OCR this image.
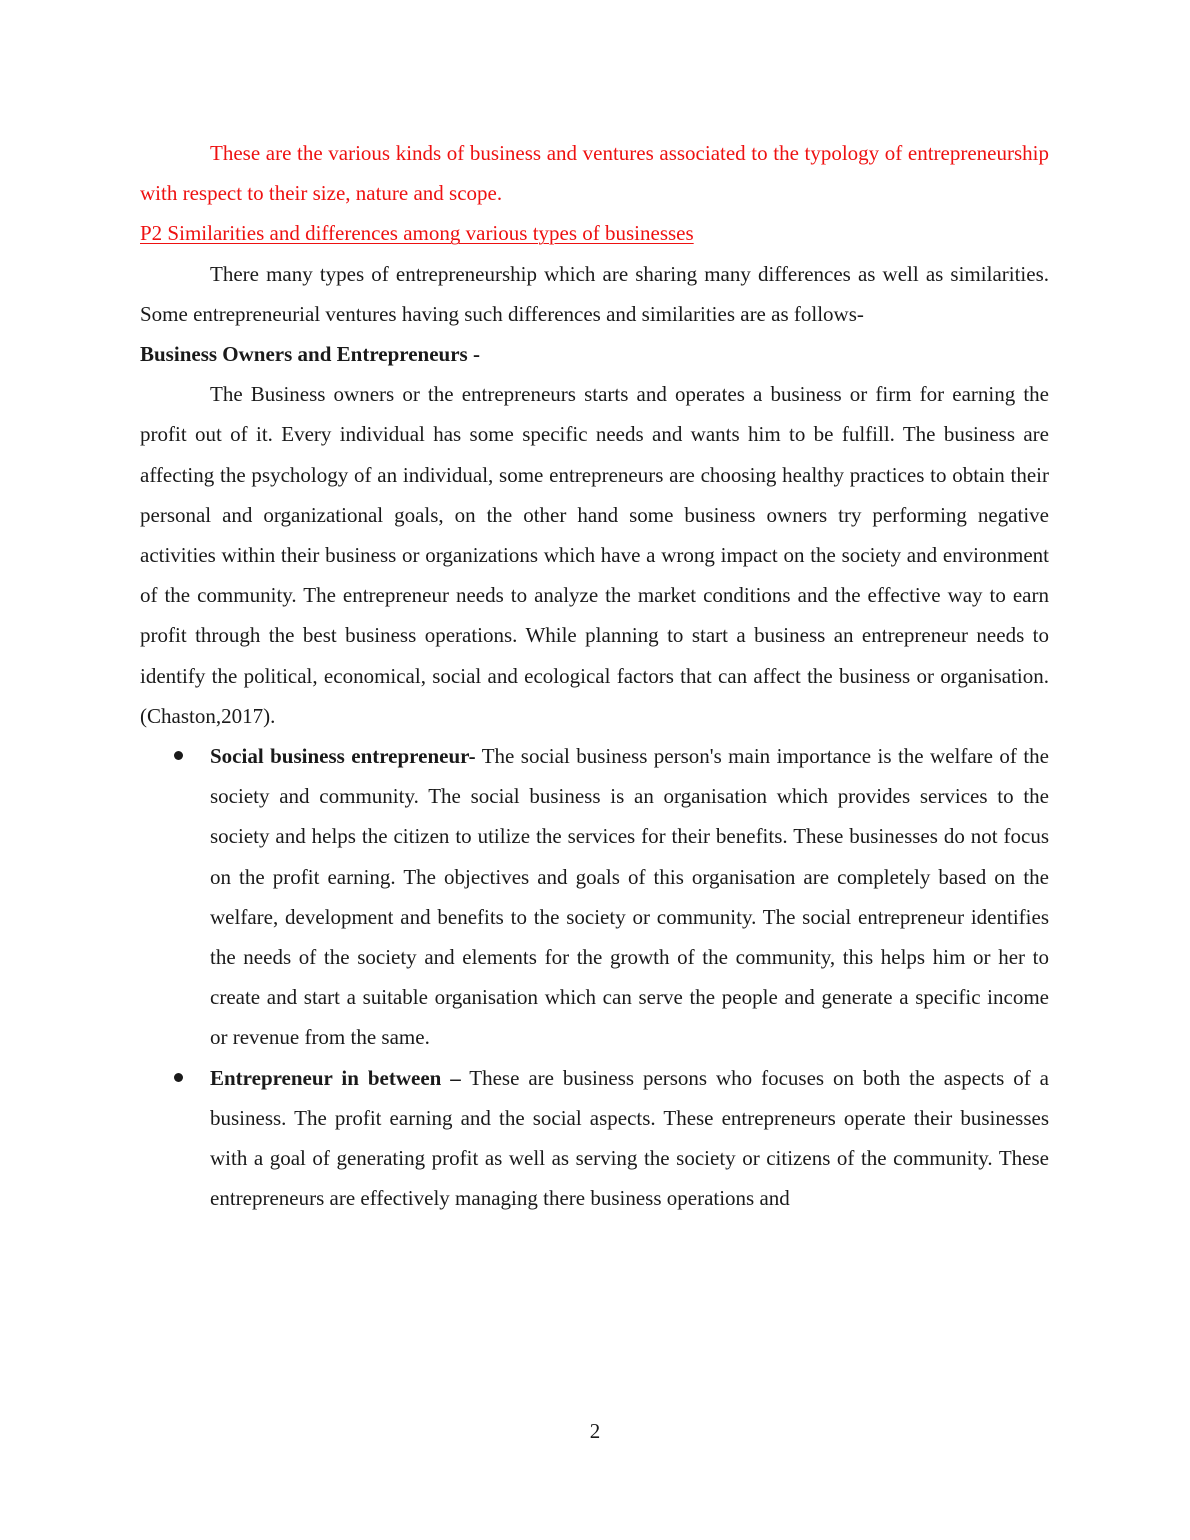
These are the various kinds of business and ventures associated to the typology of entrepreneurship with respect to their size, nature and scope.

P2 Similarities and differences among various types of businesses

There many types of entrepreneurship which are sharing many differences as well as similarities. Some entrepreneurial ventures having such differences and similarities are as follows-

Business Owners and Entrepreneurs -

The Business owners or the entrepreneurs starts and operates a business or firm for earning the profit out of it. Every individual has some specific needs and wants him to be fulfill. The business are affecting the psychology of an individual, some entrepreneurs are choosing healthy practices to obtain their personal and organizational goals, on the other hand some business owners try performing negative activities within their business or organizations which have a wrong impact on the society and environment of the community. The entrepreneur needs to analyze the market conditions and the effective way to earn profit through the best business operations. While planning to start a business an entrepreneur needs to identify the political, economical, social and ecological factors that can affect the business or organisation. (Chaston,2017).

Social business entrepreneur- The social business person's main importance is the welfare of the society and community. The social business is an organisation which provides services to the society and helps the citizen to utilize the services for their benefits. These businesses do not focus on the profit earning. The objectives and goals of this organisation are completely based on the welfare, development and benefits to the society or community. The social entrepreneur identifies the needs of the society and elements for the growth of the community, this helps him or her to create and start a suitable organisation which can serve the people and generate a specific income or revenue from the same.
Entrepreneur in between – These are business persons who focuses on both the aspects of a business. The profit earning and the social aspects. These entrepreneurs operate their businesses with a goal of generating profit as well as serving the society or citizens of the community. These entrepreneurs are effectively managing there business operations and
2
